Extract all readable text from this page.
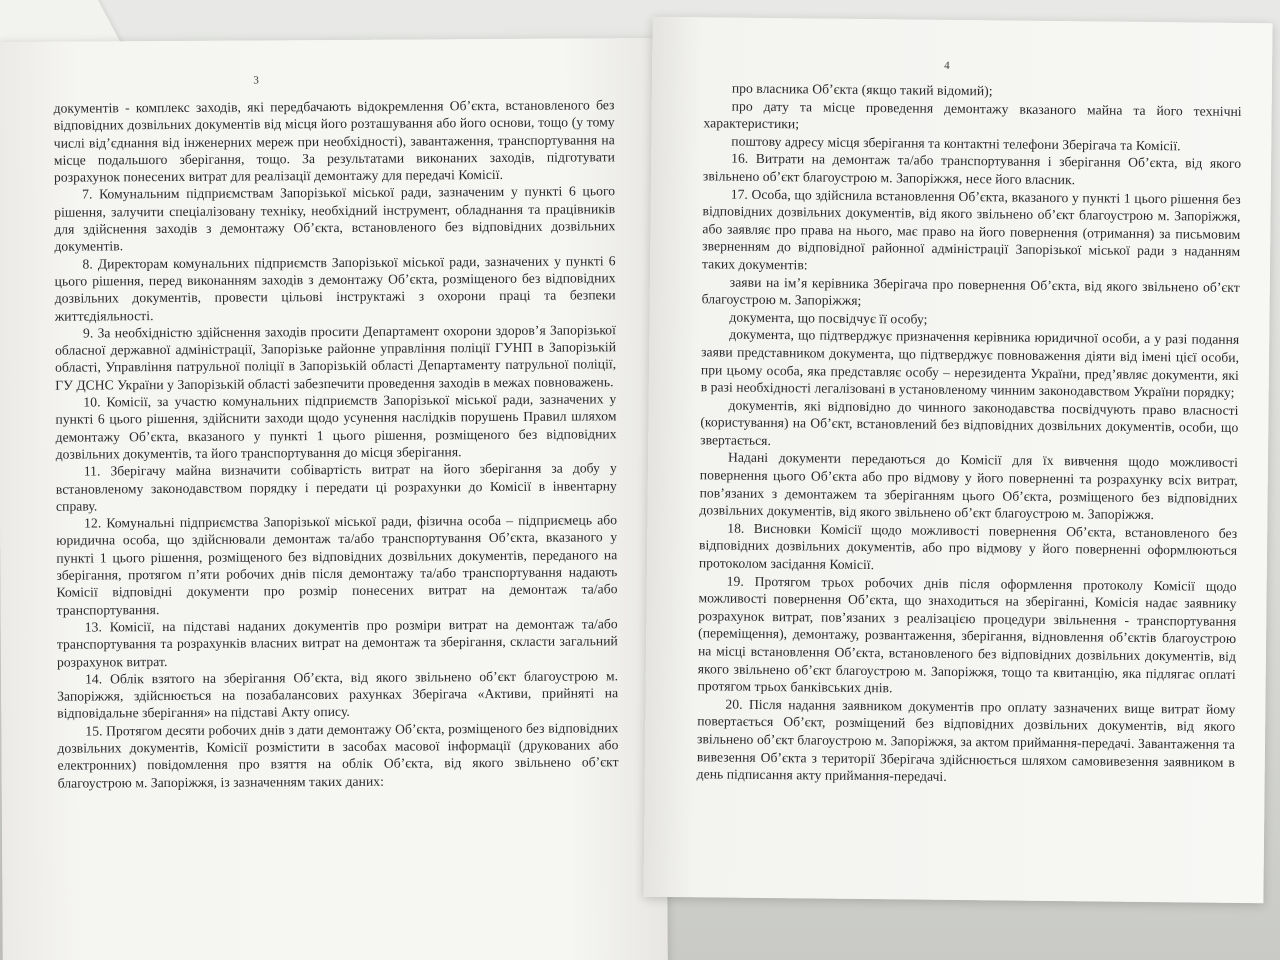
3

документів - комплекс заходів, які передбачають відокремлення Об’єкта, встановленого без відповідних дозвільних документів від місця його розташування або його основи, тощо (у тому числі від’єднання від інженерних мереж при необхідності), завантаження, транспортування на місце подальшого зберігання, тощо. За результатами виконаних заходів, підготувати розрахунок понесених витрат для реалізації демонтажу для передачі Комісії.

7. Комунальним підприємствам Запорізької міської ради, зазначеним у пункті 6 цього рішення, залучити спеціалізовану техніку, необхідний інструмент, обладнання та працівників для здійснення заходів з демонтажу Об’єкта, встановленого без відповідних дозвільних документів.

8. Директорам комунальних підприємств Запорізької міської ради, зазначених у пункті 6 цього рішення, перед виконанням заходів з демонтажу Об’єкта, розміщеного без відповідних дозвільних документів, провести цільові інструктажі з охорони праці та безпеки життєдіяльності.

9. За необхідністю здійснення заходів просити Департамент охорони здоров’я Запорізької обласної державної адміністрації, Запорізьке районне управління поліції ГУНП в Запорізькій області, Управління патрульної поліції в Запорізькій області Департаменту патрульної поліції, ГУ ДСНС України у Запорізькій області забезпечити проведення заходів в межах повноважень.

10. Комісії, за участю комунальних підприємств Запорізької міської ради, зазначених у пункті 6 цього рішення, здійснити заходи щодо усунення наслідків порушень Правил шляхом демонтажу Об’єкта, вказаного у пункті 1 цього рішення, розміщеного без відповідних дозвільних документів, та його транспортування до місця зберігання.

11. Зберігачу майна визначити собівартість витрат на його зберігання за добу у встановленому законодавством порядку і передати ці розрахунки до Комісії в інвентарну справу.

12. Комунальні підприємства Запорізької міської ради, фізична особа – підприємець або юридична особа, що здійснювали демонтаж та/або транспортування Об’єкта, вказаного у пункті 1 цього рішення, розміщеного без відповідних дозвільних документів, переданого на зберігання, протягом п’яти робочих днів після демонтажу та/або транспортування надають Комісії відповідні документи про розмір понесених витрат на демонтаж та/або транспортування.

13. Комісії, на підставі наданих документів про розміри витрат на демонтаж та/або транспортування та розрахунків власних витрат на демонтаж та зберігання, скласти загальний розрахунок витрат.

14. Облік взятого на зберігання Об’єкта, від якого звільнено об’єкт благоустрою м. Запоріжжя, здійснюється на позабалансових рахунках Зберігача «Активи, прийняті на відповідальне зберігання» на підставі Акту опису.

15. Протягом десяти робочих днів з дати демонтажу Об’єкта, розміщеного без відповідних дозвільних документів, Комісії розмістити в засобах масової інформації (друкованих або електронних) повідомлення про взяття на облік Об’єкта, від якого звільнено об’єкт благоустрою м. Запоріжжя, із зазначенням таких даних:

4

про власника Об’єкта (якщо такий відомий);

про дату та місце проведення демонтажу вказаного майна та його технічні характеристики;

поштову адресу місця зберігання та контактні телефони Зберігача та Комісії.

16. Витрати на демонтаж та/або транспортування і зберігання Об’єкта, від якого звільнено об’єкт благоустрою м. Запоріжжя, несе його власник.

17. Особа, що здійснила встановлення Об’єкта, вказаного у пункті 1 цього рішення без відповідних дозвільних документів, від якого звільнено об’єкт благоустрою м. Запоріжжя, або заявляє про права на нього, має право на його повернення (отримання) за письмовим зверненням до відповідної районної адміністрації Запорізької міської ради з наданням таких документів:

заяви на ім’я керівника Зберігача про повернення Об’єкта, від якого звільнено об’єкт благоустрою м. Запоріжжя;

документа, що посвідчує її особу;

документа, що підтверджує призначення керівника юридичної особи, а у разі подання заяви представником документа, що підтверджує повноваження діяти від імені цієї особи, при цьому особа, яка представляє особу – нерезидента України, пред’являє документи, які в разі необхідності легалізовані в установленому чинним законодавством України порядку;

документів, які відповідно до чинного законодавства посвідчують право власності (користування) на Об’єкт, встановлений без відповідних дозвільних документів, особи, що звертається.

Надані документи передаються до Комісії для їх вивчення щодо можливості повернення цього Об’єкта або про відмову у його поверненні та розрахунку всіх витрат, пов’язаних з демонтажем та зберіганням цього Об’єкта, розміщеного без відповідних дозвільних документів, від якого звільнено об’єкт благоустрою м. Запоріжжя.

18. Висновки Комісії щодо можливості повернення Об’єкта, встановленого без відповідних дозвільних документів, або про відмову у його поверненні оформлюються протоколом засідання Комісії.

19. Протягом трьох робочих днів після оформлення протоколу Комісії щодо можливості повернення Об’єкта, що знаходиться на зберіганні, Комісія надає заявнику розрахунок витрат, пов’язаних з реалізацією процедури звільнення - транспортування (переміщення), демонтажу, розвантаження, зберігання, відновлення об’єктів благоустрою на місці встановлення Об’єкта, встановленого без відповідних дозвільних документів, від якого звільнено об’єкт благоустрою м. Запоріжжя, тощо та квитанцію, яка підлягає оплаті протягом трьох банківських днів.

20. Після надання заявником документів про оплату зазначених вище витрат йому повертається Об’єкт, розміщений без відповідних дозвільних документів, від якого звільнено об’єкт благоустрою м. Запоріжжя, за актом приймання-передачі. Завантаження та вивезення Об’єкта з території Зберігача здійснюється шляхом самовивезення заявником в день підписання акту приймання-передачі.
